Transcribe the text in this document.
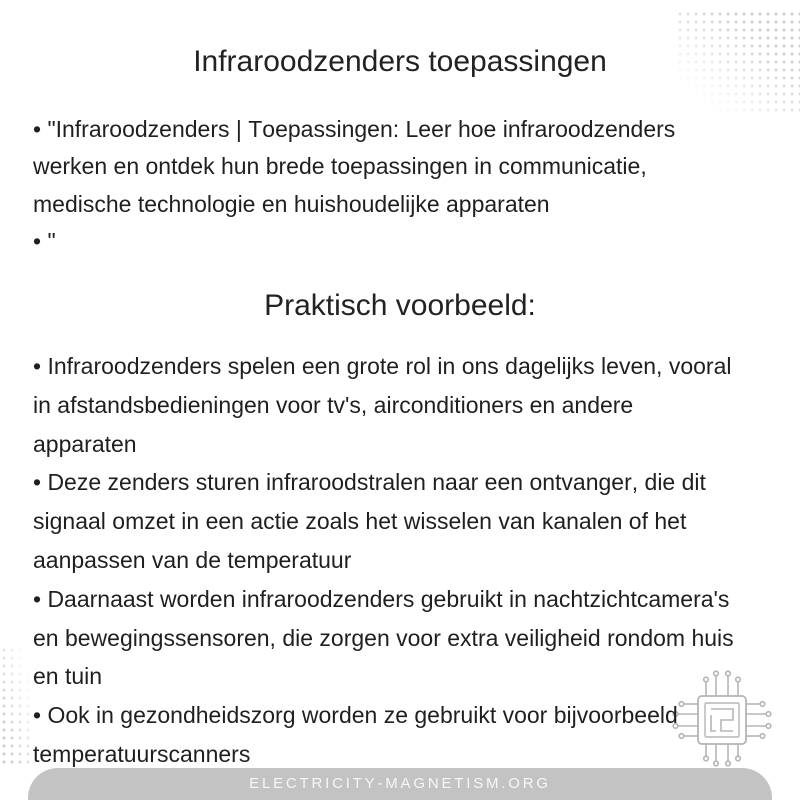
Infraroodzenders toepassingen
• "Infraroodzenders | Toepassingen: Leer hoe infraroodzenders werken en ontdek hun brede toepassingen in communicatie, medische technologie en huishoudelijke apparaten
• "
Praktisch voorbeeld:
• Infraroodzenders spelen een grote rol in ons dagelijks leven, vooral in afstandsbedieningen voor tv's, airconditioners en andere apparaten
• Deze zenders sturen infraroodstralen naar een ontvanger, die dit signaal omzet in een actie zoals het wisselen van kanalen of het aanpassen van de temperatuur
• Daarnaast worden infraroodzenders gebruikt in nachtzichtcamera's en bewegingssensoren, die zorgen voor extra veiligheid rondom huis en tuin
• Ook in gezondheidszorg worden ze gebruikt voor bijvoorbeeld temperatuurscanners
ELECTRICITY-MAGNETISM.ORG
